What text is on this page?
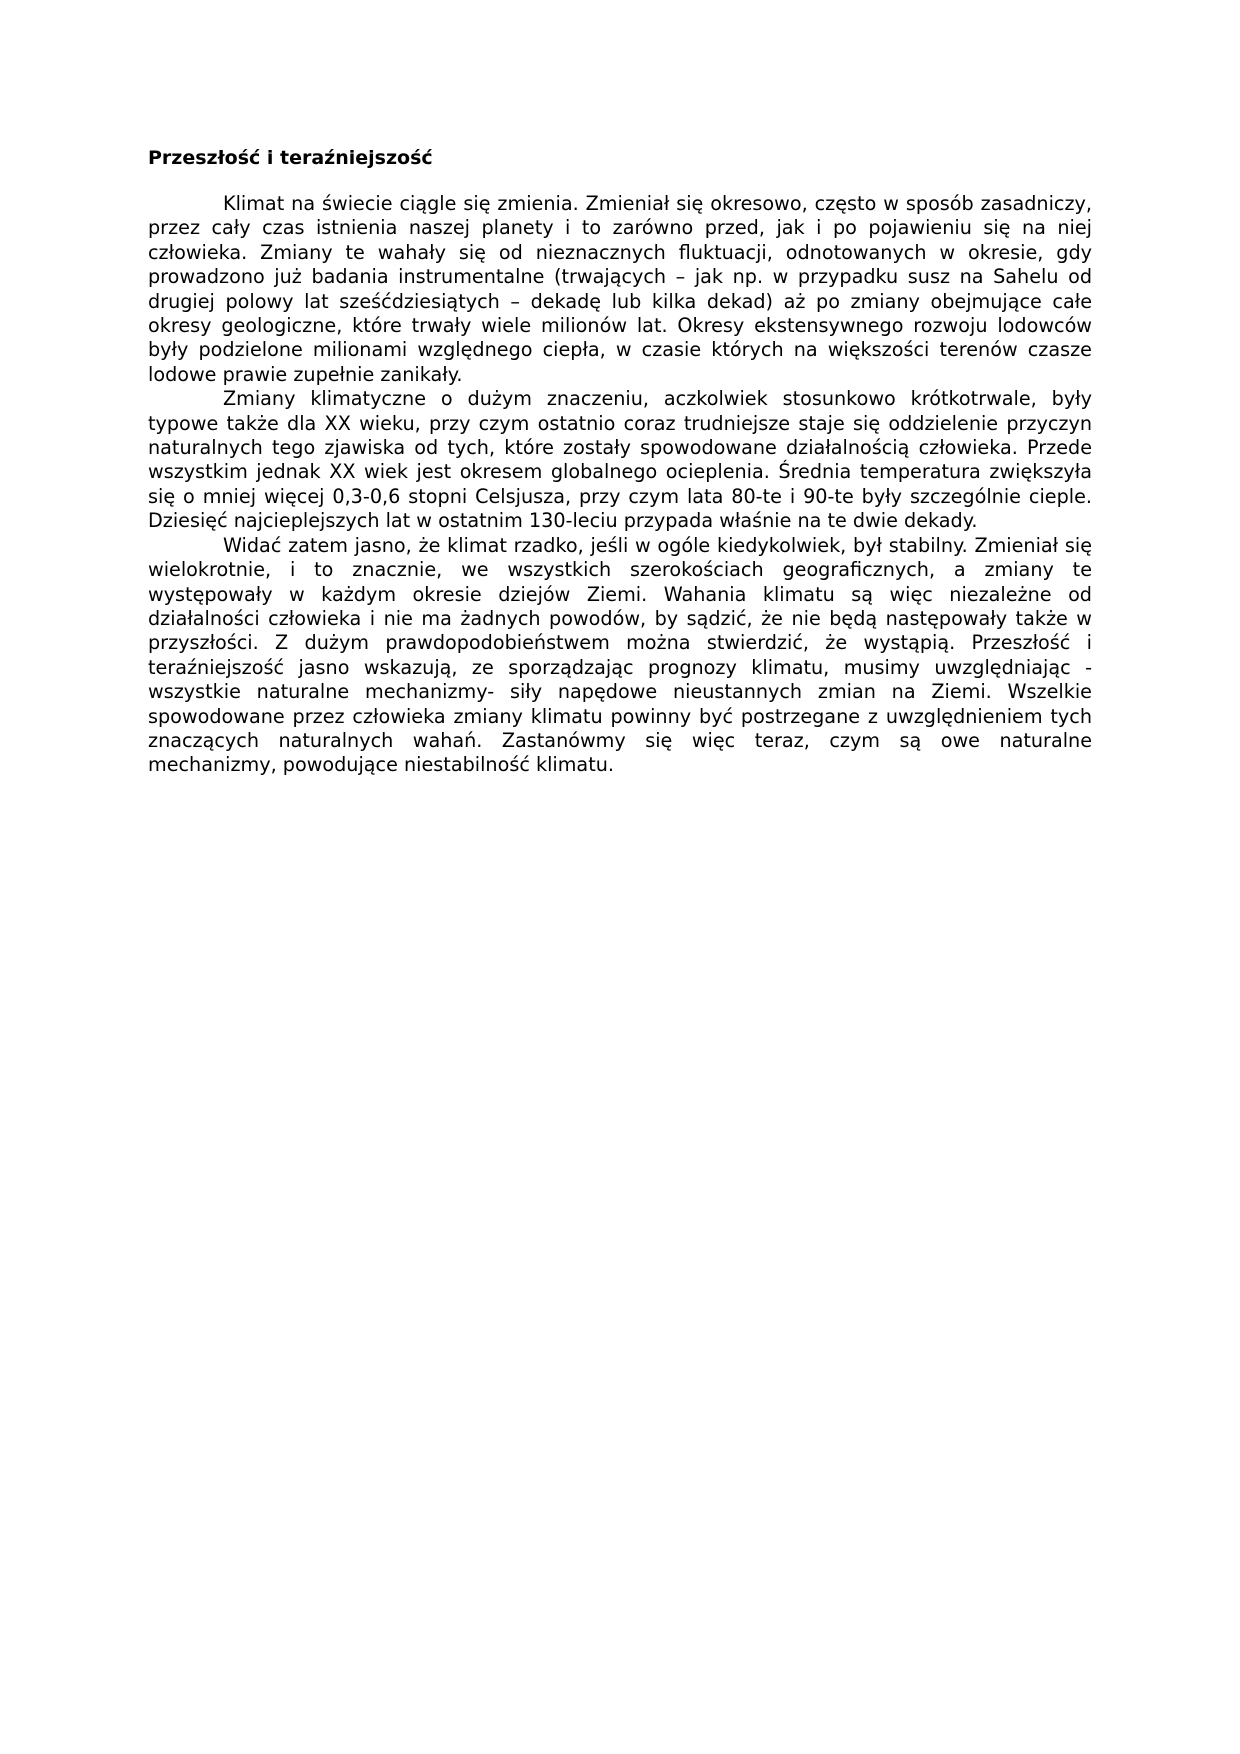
Przeszłość i teraźniejszość

Klimat na świecie ciągle się zmienia. Zmieniał się okresowo, często w sposób zasadniczy, przez cały czas istnienia naszej planety i to zarówno przed, jak i po pojawieniu się na niej człowieka. Zmiany te wahały się od nieznacznych fluktuacji, odnotowanych w okresie, gdy prowadzono już badania instrumentalne (trwających – jak np. w przypadku susz na Sahelu od drugiej polowy lat sześćdziesiątych – dekadę lub kilka dekad) aż po zmiany obejmujące całe okresy geologiczne, które trwały wiele milionów lat. Okresy ekstensywnego rozwoju lodowców były podzielone milionami względnego ciepła, w czasie których na większości terenów czasze lodowe prawie zupełnie zanikały.

Zmiany klimatyczne o dużym znaczeniu, aczkolwiek stosunkowo krótkotrwale, były typowe także dla XX wieku, przy czym ostatnio coraz trudniejsze staje się oddzielenie przyczyn naturalnych tego zjawiska od tych, które zostały spowodowane działalnością człowieka. Przede wszystkim jednak XX wiek jest okresem globalnego ocieplenia. Średnia temperatura zwiększyła się o mniej więcej 0,3-0,6 stopni Celsjusza, przy czym lata 80-te i 90-te były szczególnie cieple. Dziesięć najcieplejszych lat w ostatnim 130-leciu przypada właśnie na te dwie dekady.

Widać zatem jasno, że klimat rzadko, jeśli w ogóle kiedykolwiek, był stabilny. Zmieniał się wielokrotnie, i to znacznie, we wszystkich szerokościach geograficznych, a zmiany te występowały w każdym okresie dziejów Ziemi. Wahania klimatu są więc niezależne od działalności człowieka i nie ma żadnych powodów, by sądzić, że nie będą następowały także w przyszłości. Z dużym prawdopodobieństwem można stwierdzić, że wystąpią. Przeszłość i teraźniejszość jasno wskazują, ze sporządzając prognozy klimatu, musimy uwzględniając -wszystkie naturalne mechanizmy- siły napędowe nieustannych zmian na Ziemi. Wszelkie spowodowane przez człowieka zmiany klimatu powinny być postrzegane z uwzględnieniem tych znaczących naturalnych wahań. Zastanówmy się więc teraz, czym są owe naturalne mechanizmy, powodujące niestabilność klimatu.
